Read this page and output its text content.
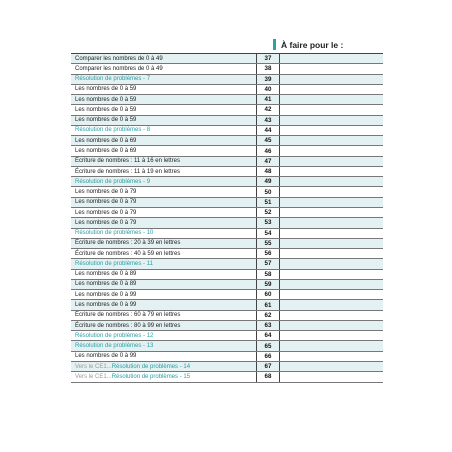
À faire pour le :
Comparer les nombres de 0 à 49	37
Comparer les nombres de 0 à 49	38
Résolution de problèmes - 7	39
Les nombres de 0 à 59	40
Les nombres de 0 à 59	41
Les nombres de 0 à 59	42
Les nombres de 0 à 59	43
Résolution de problèmes - 8	44
Les nombres de 0 à 69	45
Les nombres de 0 à 69	46
Écriture de nombres : 11 à 16 en lettres	47
Écriture de nombres : 11 à 19 en lettres	48
Résolution de problèmes - 9	49
Les nombres de 0 à 79	50
Les nombres de 0 à 79	51
Les nombres de 0 à 79	52
Les nombres de 0 à 79	53
Résolution de problèmes - 10	54
Écriture de nombres : 20 à 39 en lettres	55
Écriture de nombres : 40 à 59 en lettres	56
Résolution de problèmes - 11	57
Les nombres de 0 à 89	58
Les nombres de 0 à 89	59
Les nombres de 0 à 99	60
Les nombres de 0 à 99	61
Écriture de nombres : 60 à 79 en lettres	62
Écriture de nombres : 80 à 99 en lettres	63
Résolution de problèmes - 12	64
Résolution de problèmes - 13	65
Les nombres de 0 à 99	66
Vers le CE1... Résolution de problèmes - 14	67
Vers le CE1... Résolution de problèmes - 15	68
